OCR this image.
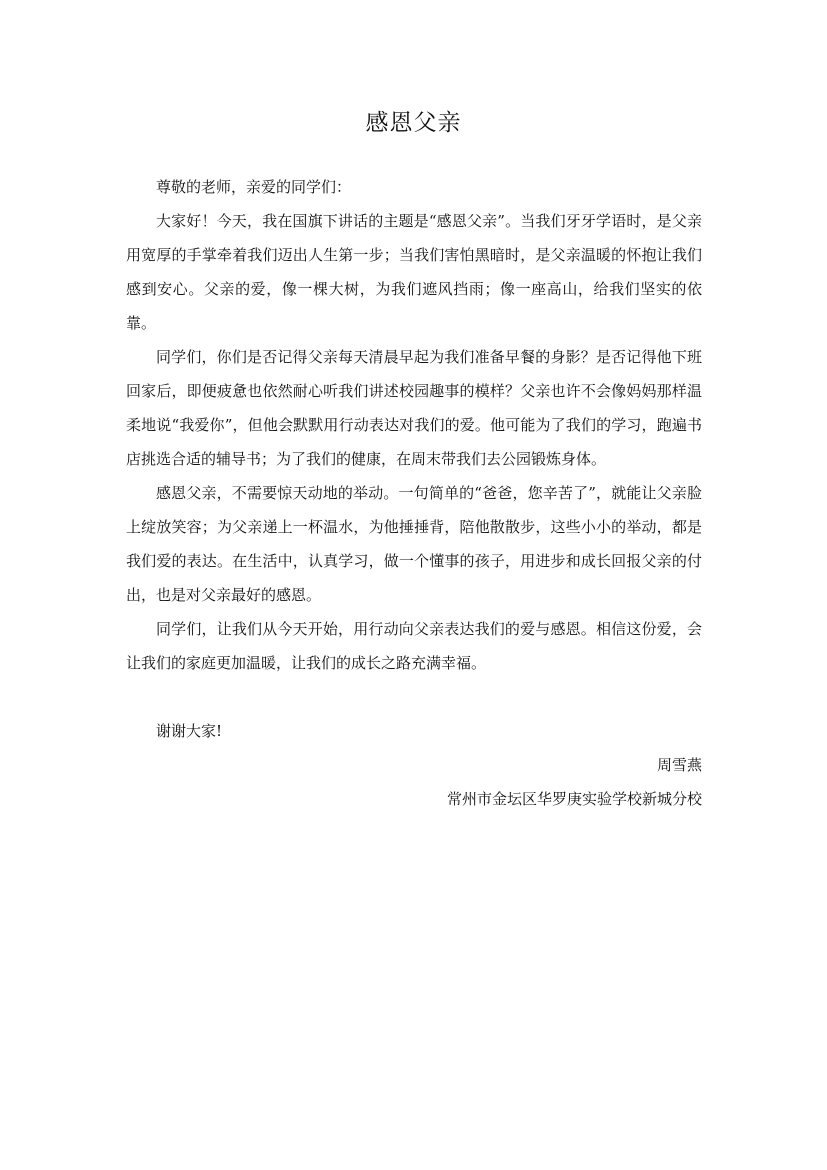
感恩父亲
尊敬的老师，亲爱的同学们：

大家好！今天，我在国旗下讲话的主题是“感恩父亲”。当我们牙牙学语时，是父亲用宽厚的手掌牵着我们迈出人生第一步；当我们害怕黑暗时，是父亲温暖的怀抱让我们感到安心。父亲的爱，像一棵大树，为我们遮风挡雨；像一座高山，给我们坚实的依靠。

同学们，你们是否记得父亲每天清晨早起为我们准备早餐的身影？是否记得他下班回家后，即便疲惫也依然耐心听我们讲述校园趣事的模样？父亲也许不会像妈妈那样温柔地说“我爱你”，但他会默默用行动表达对我们的爱。他可能为了我们的学习，跑遍书店挑选合适的辅导书；为了我们的健康，在周末带我们去公园锻炼身体。

感恩父亲，不需要惊天动地的举动。一句简单的“爸爸，您辛苦了”，就能让父亲脸上绽放笑容；为父亲递上一杯温水，为他捶捶背，陪他散散步，这些小小的举动，都是我们爱的表达。在生活中，认真学习，做一个懂事的孩子，用进步和成长回报父亲的付出，也是对父亲最好的感恩。

同学们，让我们从今天开始，用行动向父亲表达我们的爱与感恩。相信这份爱，会让我们的家庭更加温暖，让我们的成长之路充满幸福。

谢谢大家!
周雪燕
常州市金坛区华罗庚实验学校新城分校
